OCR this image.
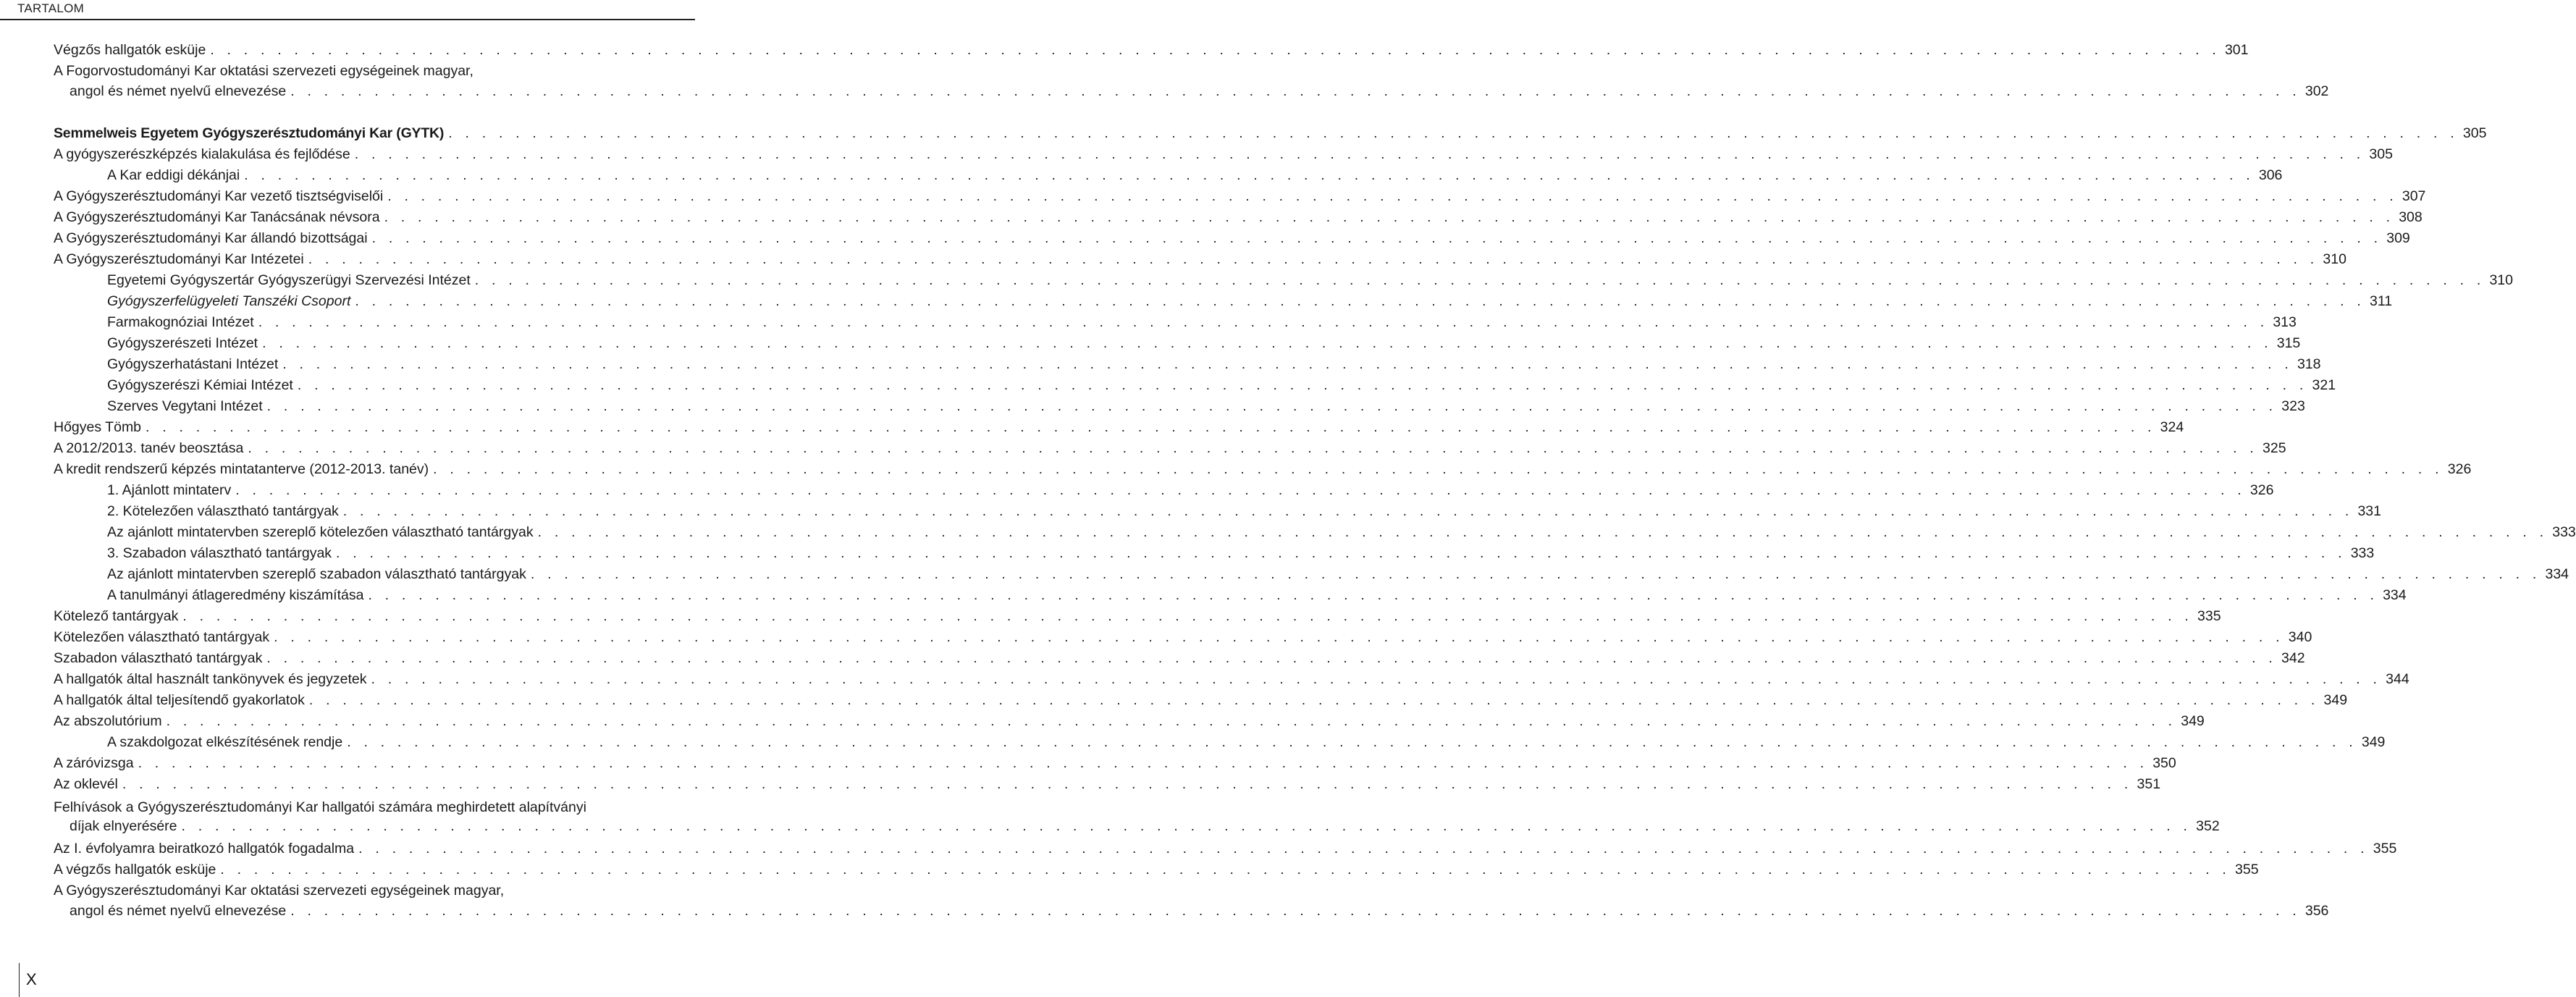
TARTALOM
Végzős hallgatók esküje . . . . . . . . . . . . . . . . . . . . . . . . . . . . . . . . . . . . . . . . . . . . . . . . . . . . . . . . . . . . . . . . . . . . . . . . . . . . . . . . . . . . . . . . . . . . . . . . . . . . . . . . . . . . . . . . . . . . . . . . 301
A Fogorvostudományi Kar oktatási szervezeti egységeinek magyar,
angol és német nyelvű elnevezése . . . . . . . . . . . . . . . . . . . . . . . . . . . . . . . . . . . . . . . . . . . . . . . . . . . . . . . . . . . . . . . . . . . . . . . . . . . . . . . . . . . . . . . . . . . . . . . . . . . . . . . . . . . . . . . . . . . . . . . . 302
Semmelweis Egyetem Gyógyszerésztudományi Kar (GYTK) . . . . . . . . . . . . . . . . . . . . . . . . . . . . . . . . . . . . . . . . . . . . . . . . . . . . . . . . . . . . . . . . . . . . . . . . . . . . . . . . . . . . . . . . . . . . . . . . . . . . . . . . . . . . . . . . . . . . . . . . 305
A gyógyszerészképzés kialakulása és fejlődése . . . . . . . . . . . . . . . . . . . . . . . . . . . . . . . . . . . . . . . . . . . . . . . . . . . . . . . . . . . . . . . . . . . . . . . . . . . . . . . . . . . . . . . . . . . . . . . . . . . . . . . . . . . . . . . . . . . . . . . . 305
A Kar eddigi dékánjai . . . . . . . . . . . . . . . . . . . . . . . . . . . . . . . . . . . . . . . . . . . . . . . . . . . . . . . . . . . . . . . . . . . . . . . . . . . . . . . . . . . . . . . . . . . . . . . . . . . . . . . . . . . . . . . . . . . . . . . . 306
A Gyógyszerésztudományi Kar vezető tisztségviselői . . . . . . . . . . . . . . . . . . . . . . . . . . . . . . . . . . . . . . . . . . . . . . . . . . . . . . . . . . . . . . . . . . . . . . . . . . . . . . . . . . . . . . . . . . . . . . . . . . . . . . . . . . . . . . . . . . . . . . . . 307
A Gyógyszerésztudományi Kar Tanácsának névsora . . . . . . . . . . . . . . . . . . . . . . . . . . . . . . . . . . . . . . . . . . . . . . . . . . . . . . . . . . . . . . . . . . . . . . . . . . . . . . . . . . . . . . . . . . . . . . . . . . . . . . . . . . . . . . . . . . . . . . . . 308
A Gyógyszerésztudományi Kar állandó bizottságai . . . . . . . . . . . . . . . . . . . . . . . . . . . . . . . . . . . . . . . . . . . . . . . . . . . . . . . . . . . . . . . . . . . . . . . . . . . . . . . . . . . . . . . . . . . . . . . . . . . . . . . . . . . . . . . . . . . . . . . . 309
A Gyógyszerésztudományi Kar Intézetei . . . . . . . . . . . . . . . . . . . . . . . . . . . . . . . . . . . . . . . . . . . . . . . . . . . . . . . . . . . . . . . . . . . . . . . . . . . . . . . . . . . . . . . . . . . . . . . . . . . . . . . . . . . . . . . . . . . . . . . . 310
Egyetemi Gyógyszertár Gyógyszerügyi Szervezési Intézet . . . . . . . . . . . . . . . . . . . . . . . . . . . . . . . . . . . . . . . . . . . . . . . . . . . . . . . . . . . . . . . . . . . . . . . . . . . . . . . . . . . . . . . . . . . . . . . . . . . . . . . . . . . . . . . . . . . . . . . . 310
Gyógyszerfelügyeleti Tanszéki Csoport . . . . . . . . . . . . . . . . . . . . . . . . . . . . . . . . . . . . . . . . . . . . . . . . . . . . . . . . . . . . . . . . . . . . . . . . . . . . . . . . . . . . . . . . . . . . . . . . . . . . . . . . . . . . . . . . . . . . . . . . 311
Farmakognóziai Intézet . . . . . . . . . . . . . . . . . . . . . . . . . . . . . . . . . . . . . . . . . . . . . . . . . . . . . . . . . . . . . . . . . . . . . . . . . . . . . . . . . . . . . . . . . . . . . . . . . . . . . . . . . . . . . . . . . . . . . . . . 313
Gyógyszerészeti Intézet . . . . . . . . . . . . . . . . . . . . . . . . . . . . . . . . . . . . . . . . . . . . . . . . . . . . . . . . . . . . . . . . . . . . . . . . . . . . . . . . . . . . . . . . . . . . . . . . . . . . . . . . . . . . . . . . . . . . . . . . 315
Gyógyszerhatástani Intézet . . . . . . . . . . . . . . . . . . . . . . . . . . . . . . . . . . . . . . . . . . . . . . . . . . . . . . . . . . . . . . . . . . . . . . . . . . . . . . . . . . . . . . . . . . . . . . . . . . . . . . . . . . . . . . . . . . . . . . . . 318
Gyógyszerészi Kémiai Intézet . . . . . . . . . . . . . . . . . . . . . . . . . . . . . . . . . . . . . . . . . . . . . . . . . . . . . . . . . . . . . . . . . . . . . . . . . . . . . . . . . . . . . . . . . . . . . . . . . . . . . . . . . . . . . . . . . . . . . . . . 321
Szerves Vegytani Intézet . . . . . . . . . . . . . . . . . . . . . . . . . . . . . . . . . . . . . . . . . . . . . . . . . . . . . . . . . . . . . . . . . . . . . . . . . . . . . . . . . . . . . . . . . . . . . . . . . . . . . . . . . . . . . . . . . . . . . . . . 323
Hőgyes Tömb . . . . . . . . . . . . . . . . . . . . . . . . . . . . . . . . . . . . . . . . . . . . . . . . . . . . . . . . . . . . . . . . . . . . . . . . . . . . . . . . . . . . . . . . . . . . . . . . . . . . . . . . . . . . . . . . . . . . . . . . 324
A 2012/2013. tanév beosztása . . . . . . . . . . . . . . . . . . . . . . . . . . . . . . . . . . . . . . . . . . . . . . . . . . . . . . . . . . . . . . . . . . . . . . . . . . . . . . . . . . . . . . . . . . . . . . . . . . . . . . . . . . . . . . . . . . . . . . . . 325
A kredit rendszerű képzés mintatanterve (2012-2013. tanév) . . . . . . . . . . . . . . . . . . . . . . . . . . . . . . . . . . . . . . . . . . . . . . . . . . . . . . . . . . . . . . . . . . . . . . . . . . . . . . . . . . . . . . . . . . . . . . . . . . . . . . . . . . . . . . . . . . . . . . . . 326
1. Ajánlott mintaterv . . . . . . . . . . . . . . . . . . . . . . . . . . . . . . . . . . . . . . . . . . . . . . . . . . . . . . . . . . . . . . . . . . . . . . . . . . . . . . . . . . . . . . . . . . . . . . . . . . . . . . . . . . . . . . . . . . . . . . . . 326
2. Kötelezően választható tantárgyak . . . . . . . . . . . . . . . . . . . . . . . . . . . . . . . . . . . . . . . . . . . . . . . . . . . . . . . . . . . . . . . . . . . . . . . . . . . . . . . . . . . . . . . . . . . . . . . . . . . . . . . . . . . . . . . . . . . . . . . . 331
Az ajánlott mintatervben szereplő kötelezően választható tantárgyak . . . . . . . . . . . . . . . . . . . . . . . . . . . . . . . . . . . . . . . . . . . . . . . . . . . . . . . . . . . . . . . . . . . . . . . . . . . . . . . . . . . . . . . . . . . . . . . . . . . . . . . . . . . . . . . . . . . . . . . . 333
3. Szabadon választható tantárgyak . . . . . . . . . . . . . . . . . . . . . . . . . . . . . . . . . . . . . . . . . . . . . . . . . . . . . . . . . . . . . . . . . . . . . . . . . . . . . . . . . . . . . . . . . . . . . . . . . . . . . . . . . . . . . . . . . . . . . . . . 333
Az ajánlott mintatervben szereplő szabadon választható tantárgyak . . . . . . . . . . . . . . . . . . . . . . . . . . . . . . . . . . . . . . . . . . . . . . . . . . . . . . . . . . . . . . . . . . . . . . . . . . . . . . . . . . . . . . . . . . . . . . . . . . . . . . . . . . . . . . . . . . . . . . . . 334
A tanulmányi átlageredmény kiszámítása . . . . . . . . . . . . . . . . . . . . . . . . . . . . . . . . . . . . . . . . . . . . . . . . . . . . . . . . . . . . . . . . . . . . . . . . . . . . . . . . . . . . . . . . . . . . . . . . . . . . . . . . . . . . . . . . . . . . . . . . 334
Kötelező tantárgyak . . . . . . . . . . . . . . . . . . . . . . . . . . . . . . . . . . . . . . . . . . . . . . . . . . . . . . . . . . . . . . . . . . . . . . . . . . . . . . . . . . . . . . . . . . . . . . . . . . . . . . . . . . . . . . . . . . . . . . . . 335
Kötelezően választható tantárgyak . . . . . . . . . . . . . . . . . . . . . . . . . . . . . . . . . . . . . . . . . . . . . . . . . . . . . . . . . . . . . . . . . . . . . . . . . . . . . . . . . . . . . . . . . . . . . . . . . . . . . . . . . . . . . . . . . . . . . . . . 340
Szabadon választható tantárgyak . . . . . . . . . . . . . . . . . . . . . . . . . . . . . . . . . . . . . . . . . . . . . . . . . . . . . . . . . . . . . . . . . . . . . . . . . . . . . . . . . . . . . . . . . . . . . . . . . . . . . . . . . . . . . . . . . . . . . . . . 342
A hallgatók által használt tankönyvek és jegyzetek . . . . . . . . . . . . . . . . . . . . . . . . . . . . . . . . . . . . . . . . . . . . . . . . . . . . . . . . . . . . . . . . . . . . . . . . . . . . . . . . . . . . . . . . . . . . . . . . . . . . . . . . . . . . . . . . . . . . . . . . 344
A hallgatók által teljesítendő gyakorlatok . . . . . . . . . . . . . . . . . . . . . . . . . . . . . . . . . . . . . . . . . . . . . . . . . . . . . . . . . . . . . . . . . . . . . . . . . . . . . . . . . . . . . . . . . . . . . . . . . . . . . . . . . . . . . . . . . . . . . . . . 349
Az abszolutórium . . . . . . . . . . . . . . . . . . . . . . . . . . . . . . . . . . . . . . . . . . . . . . . . . . . . . . . . . . . . . . . . . . . . . . . . . . . . . . . . . . . . . . . . . . . . . . . . . . . . . . . . . . . . . . . . . . . . . . . . 349
A szakdolgozat elkészítésének rendje . . . . . . . . . . . . . . . . . . . . . . . . . . . . . . . . . . . . . . . . . . . . . . . . . . . . . . . . . . . . . . . . . . . . . . . . . . . . . . . . . . . . . . . . . . . . . . . . . . . . . . . . . . . . . . . . . . . . . . . . 349
A záróvizsga . . . . . . . . . . . . . . . . . . . . . . . . . . . . . . . . . . . . . . . . . . . . . . . . . . . . . . . . . . . . . . . . . . . . . . . . . . . . . . . . . . . . . . . . . . . . . . . . . . . . . . . . . . . . . . . . . . . . . . . . 350
Az oklevél . . . . . . . . . . . . . . . . . . . . . . . . . . . . . . . . . . . . . . . . . . . . . . . . . . . . . . . . . . . . . . . . . . . . . . . . . . . . . . . . . . . . . . . . . . . . . . . . . . . . . . . . . . . . . . . . . . . . . . . . 351
Felhívások a Gyógyszerésztudományi Kar hallgatói számára meghirdetett alapítványi
díjak elnyerésére . . . . . . . . . . . . . . . . . . . . . . . . . . . . . . . . . . . . . . . . . . . . . . . . . . . . . . . . . . . . . . . . . . . . . . . . . . . . . . . . . . . . . . . . . . . . . . . . . . . . . . . . . . . . . . . . . . . . . . . . 352
Az I. évfolyamra beiratkozó hallgatók fogadalma . . . . . . . . . . . . . . . . . . . . . . . . . . . . . . . . . . . . . . . . . . . . . . . . . . . . . . . . . . . . . . . . . . . . . . . . . . . . . . . . . . . . . . . . . . . . . . . . . . . . . . . . . . . . . . . . . . . . . . . . 355
A végzős hallgatók esküje . . . . . . . . . . . . . . . . . . . . . . . . . . . . . . . . . . . . . . . . . . . . . . . . . . . . . . . . . . . . . . . . . . . . . . . . . . . . . . . . . . . . . . . . . . . . . . . . . . . . . . . . . . . . . . . . . . . . . . . . 355
A Gyógyszerésztudományi Kar oktatási szervezeti egységeinek magyar,
angol és német nyelvű elnevezése . . . . . . . . . . . . . . . . . . . . . . . . . . . . . . . . . . . . . . . . . . . . . . . . . . . . . . . . . . . . . . . . . . . . . . . . . . . . . . . . . . . . . . . . . . . . . . . . . . . . . . . . . . . . . . . . . . . . . . . . 356
X
